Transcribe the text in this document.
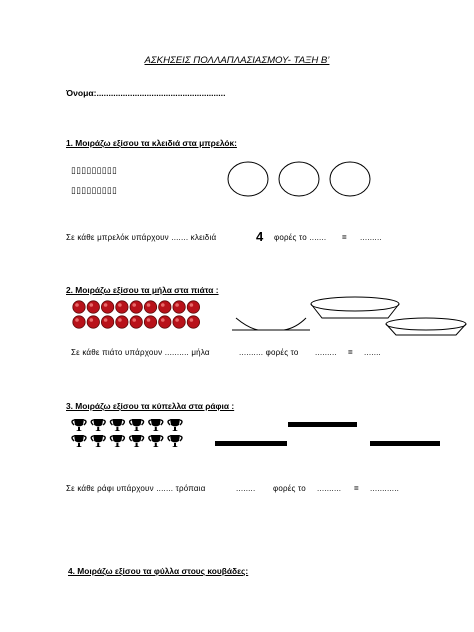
ΑΣΚΗΣΕΙΣ ΠΟΛΛΑΠΛΑΣΙΑΣΜΟΥ- ΤΑΞΗ Β’
Όνομα:......................................................
1. Μοιράζω εξίσου τα κλειδιά στα μπρελόκ:
▯▯▯▯▯▯▯▯▯
▯▯▯▯▯▯▯▯▯
Σε κάθε μπρελόκ υπάρχουν ....... κλειδιά	4 φορές το ....... = .........
2. Μοιράζω εξίσου τα μήλα στα πιάτα :
Σε κάθε πιάτο υπάρχουν .......... μήλα	.......... φορές το ......... = .......
3. Μοιράζω εξίσου τα κύπελλα στα ράφια :
Σε κάθε ράφι υπάρχουν ....... τρόπαια	........ φορές το .......... = ............
4. Μοιράζω εξίσου τα φύλλα στους κουβάδες:
